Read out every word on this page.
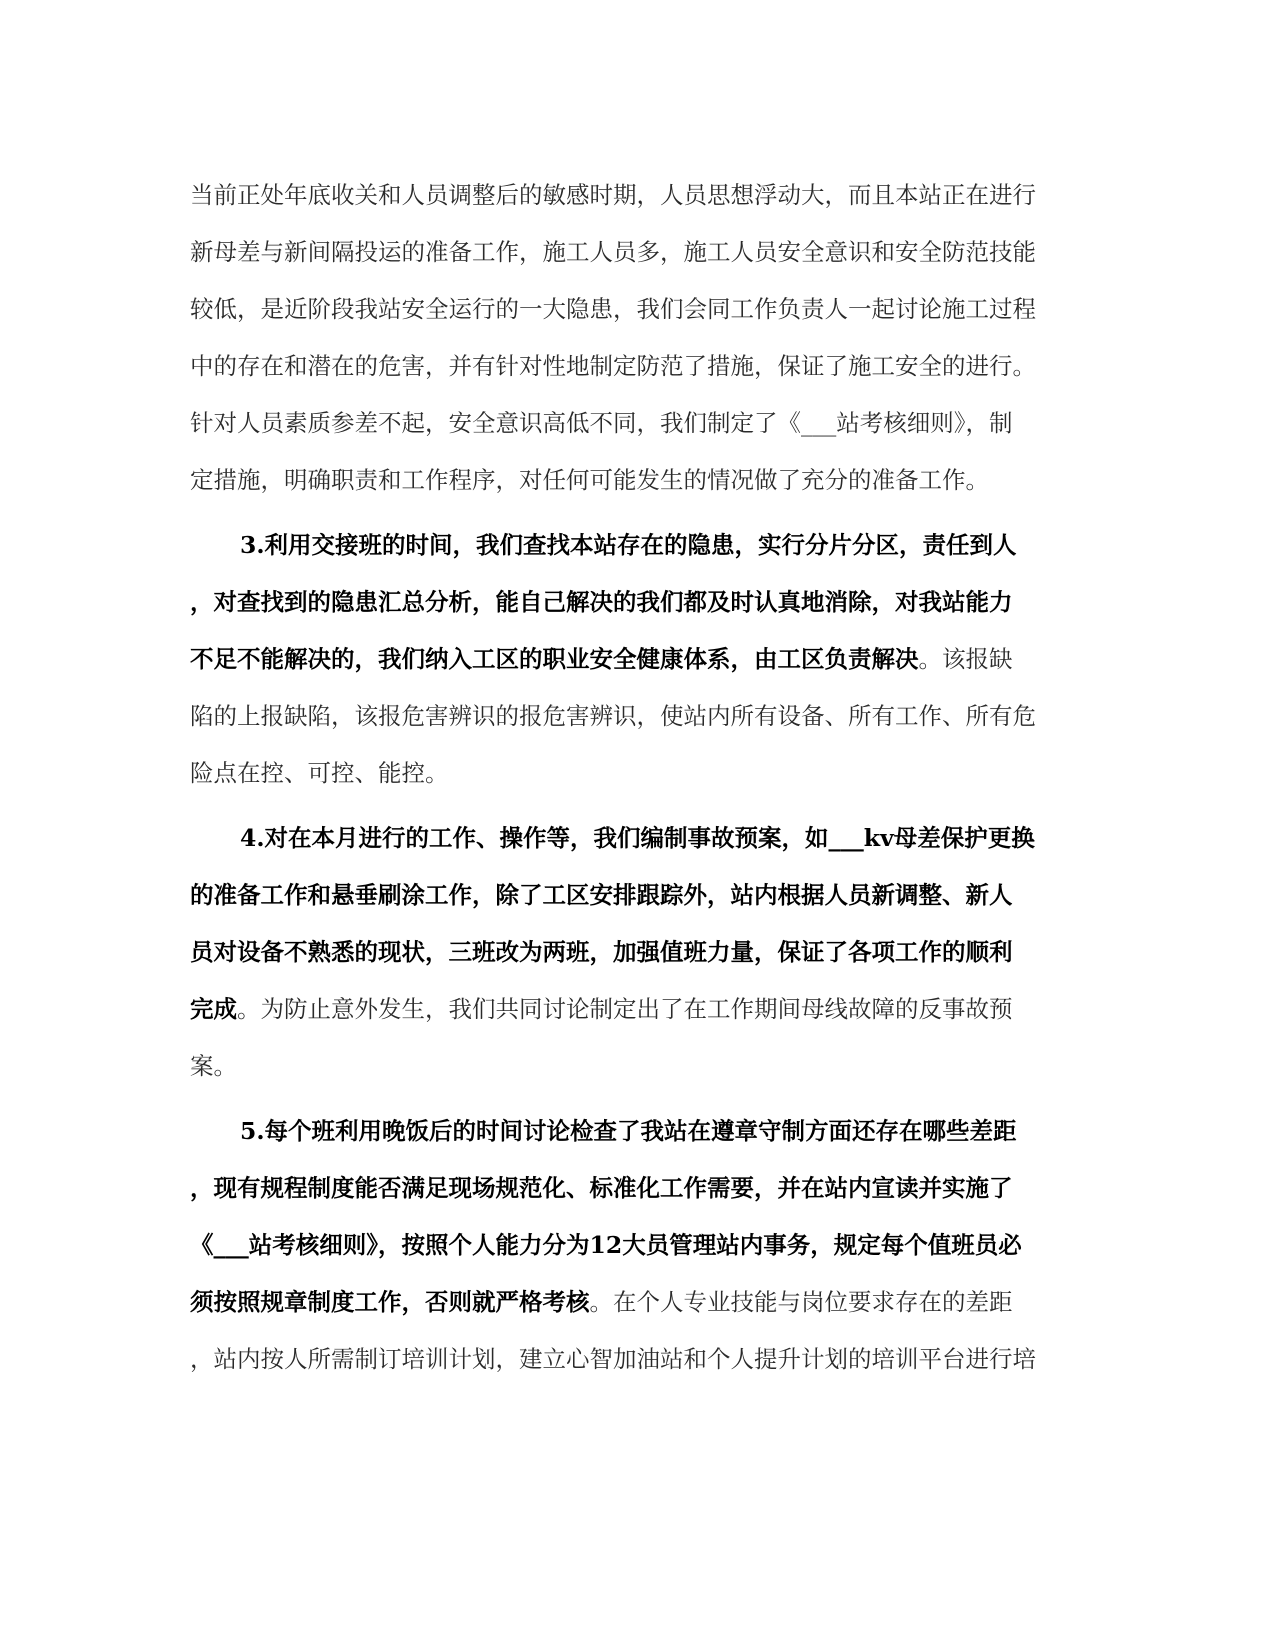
当前正处年底收关和人员调整后的敏感时期，人员思想浮动大，而且本站正在进行
新母差与新间隔投运的准备工作，施工人员多，施工人员安全意识和安全防范技能
较低，是近阶段我站安全运行的一大隐患，我们会同工作负责人一起讨论施工过程
中的存在和潜在的危害，并有针对性地制定防范了措施，保证了施工安全的进行。
针对人员素质参差不起，安全意识高低不同，我们制定了《___站考核细则》，制
定措施，明确职责和工作程序，对任何可能发生的情况做了充分的准备工作。
3.利用交接班的时间，我们查找本站存在的隐患，实行分片分区，责任到人
，对查找到的隐患汇总分析，能自己解决的我们都及时认真地消除，对我站能力
不足不能解决的，我们纳入工区的职业安全健康体系，由工区负责解决。该报缺
陷的上报缺陷，该报危害辨识的报危害辨识，使站内所有设备、所有工作、所有危
险点在控、可控、能控。
4.对在本月进行的工作、操作等，我们编制事故预案，如___kv母差保护更换
的准备工作和悬垂刷涂工作，除了工区安排跟踪外，站内根据人员新调整、新人
员对设备不熟悉的现状，三班改为两班，加强值班力量，保证了各项工作的顺利
完成。为防止意外发生，我们共同讨论制定出了在工作期间母线故障的反事故预
案。
5.每个班利用晚饭后的时间讨论检查了我站在遵章守制方面还存在哪些差距
，现有规程制度能否满足现场规范化、标准化工作需要，并在站内宣读并实施了
《___站考核细则》，按照个人能力分为12大员管理站内事务，规定每个值班员必
须按照规章制度工作，否则就严格考核。在个人专业技能与岗位要求存在的差距
，站内按人所需制订培训计划，建立心智加油站和个人提升计划的培训平台进行培
